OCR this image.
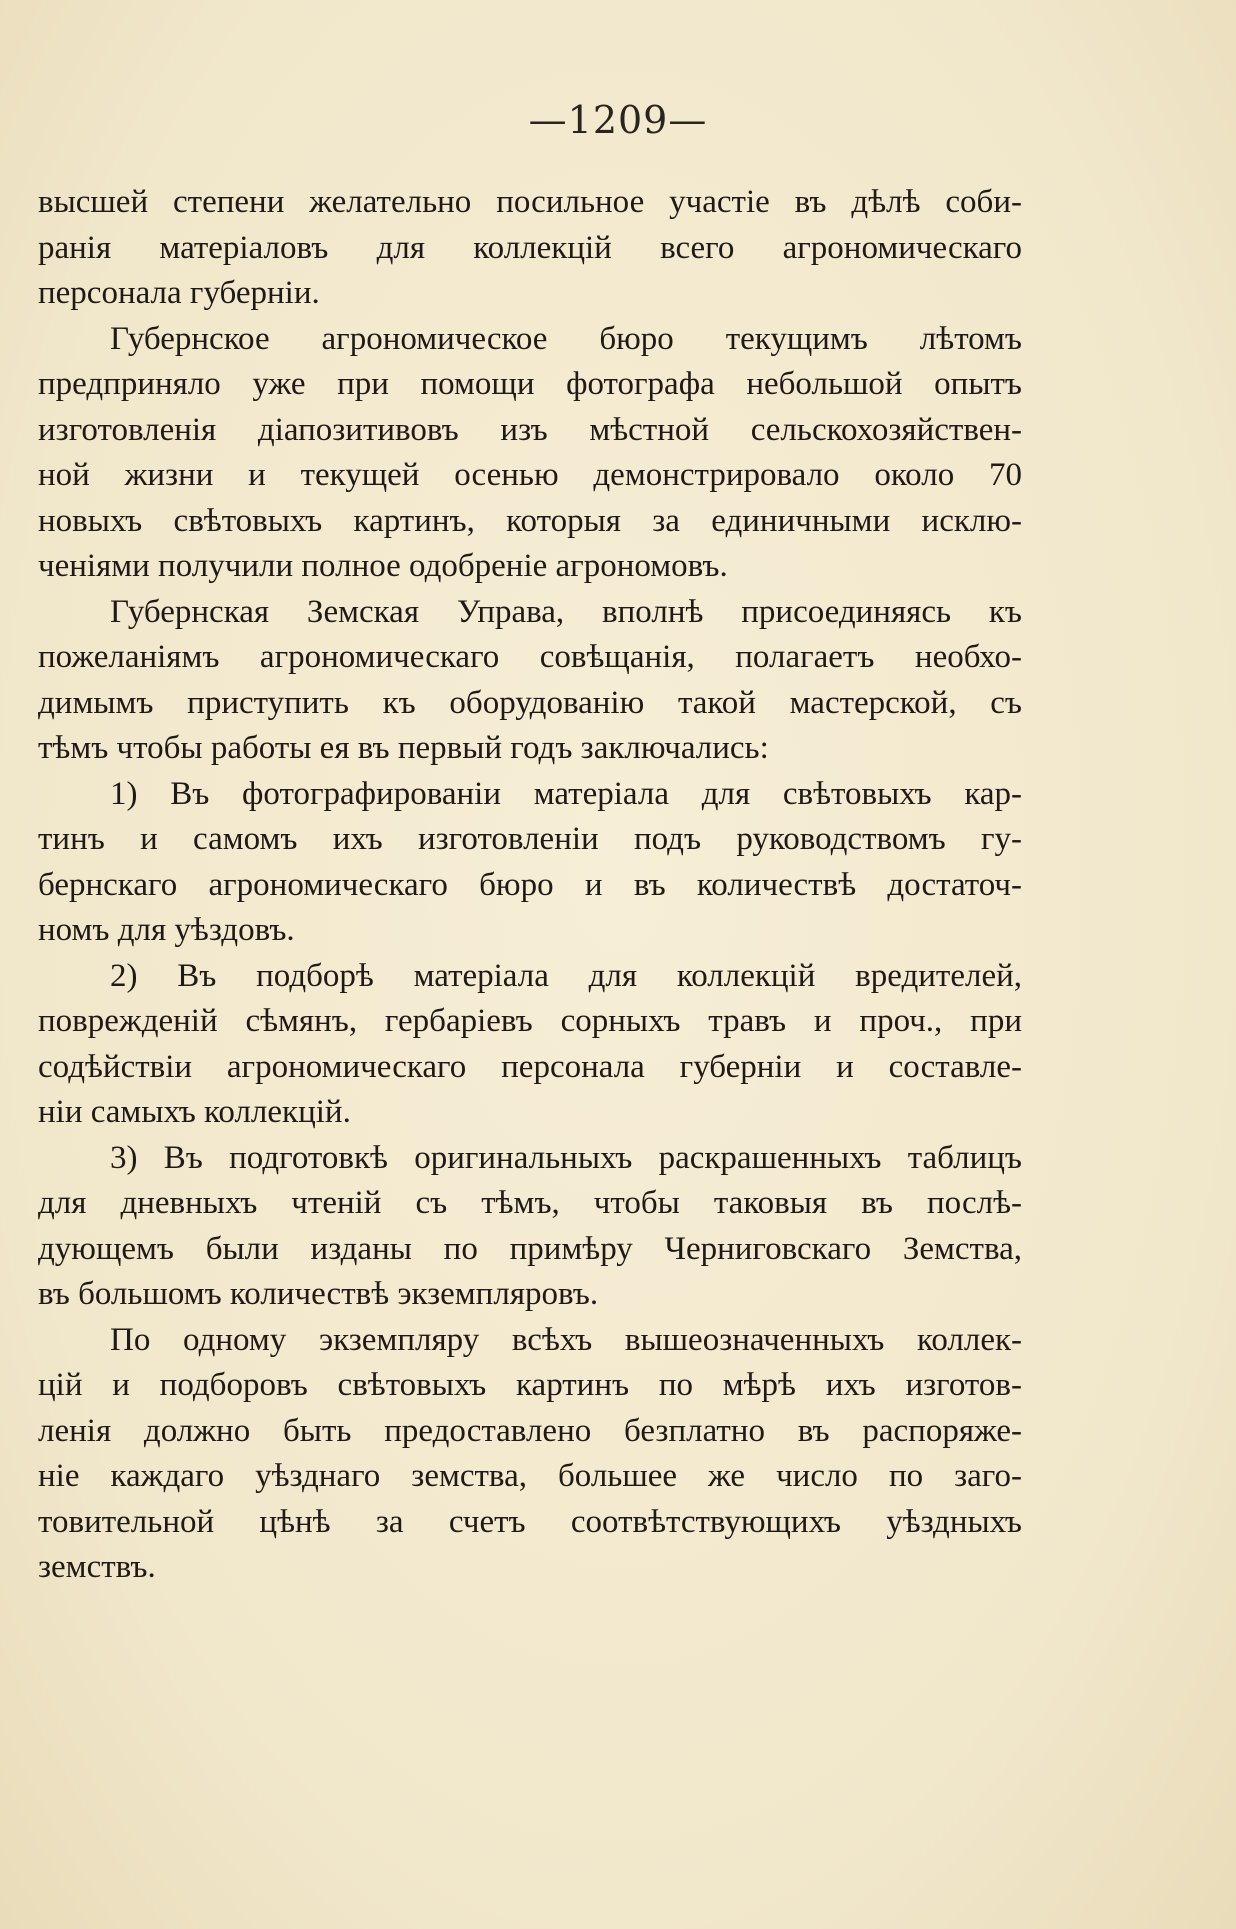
—1209—
высшей степени желательно посильное участіе въ дѣлѣ соби-
ранія матеріаловъ для коллекцій всего агрономическаго
персонала губерніи.
Губернское агрономическое бюро текущимъ лѣтомъ
предприняло уже при помощи фотографа небольшой опытъ
изготовленія діапозитивовъ изъ мѣстной сельскохозяйствен-
ной жизни и текущей осенью демонстрировало около 70
новыхъ свѣтовыхъ картинъ, которыя за единичными исклю-
ченіями получили полное одобреніе агрономовъ.
Губернская Земская Управа, вполнѣ присоединяясь къ
пожеланіямъ агрономическаго совѣщанія, полагаетъ необхо-
димымъ приступить къ оборудованію такой мастерской, съ
тѣмъ чтобы работы ея въ первый годъ заключались:
1) Въ фотографированіи матеріала для свѣтовыхъ кар-
тинъ и самомъ ихъ изготовленіи подъ руководствомъ гу-
бернскаго агрономическаго бюро и въ количествѣ достаточ-
номъ для уѣздовъ.
2) Въ подборѣ матеріала для коллекцій вредителей,
поврежденій сѣмянъ, гербаріевъ сорныхъ травъ и проч., при
содѣйствіи агрономическаго персонала губерніи и составле-
ніи самыхъ коллекцій.
3) Въ подготовкѣ оригинальныхъ раскрашенныхъ таблицъ
для дневныхъ чтеній съ тѣмъ, чтобы таковыя въ послѣ-
дующемъ были изданы по примѣру Черниговскаго Земства,
въ большомъ количествѣ экземпляровъ.
По одному экземпляру всѣхъ вышеозначенныхъ коллек-
цій и подборовъ свѣтовыхъ картинъ по мѣрѣ ихъ изготов-
ленія должно быть предоставлено безплатно въ распоряже-
ніе каждаго уѣзднаго земства, большее же число по заго-
товительной цѣнѣ за счетъ соотвѣтствующихъ уѣздныхъ
земствъ.
